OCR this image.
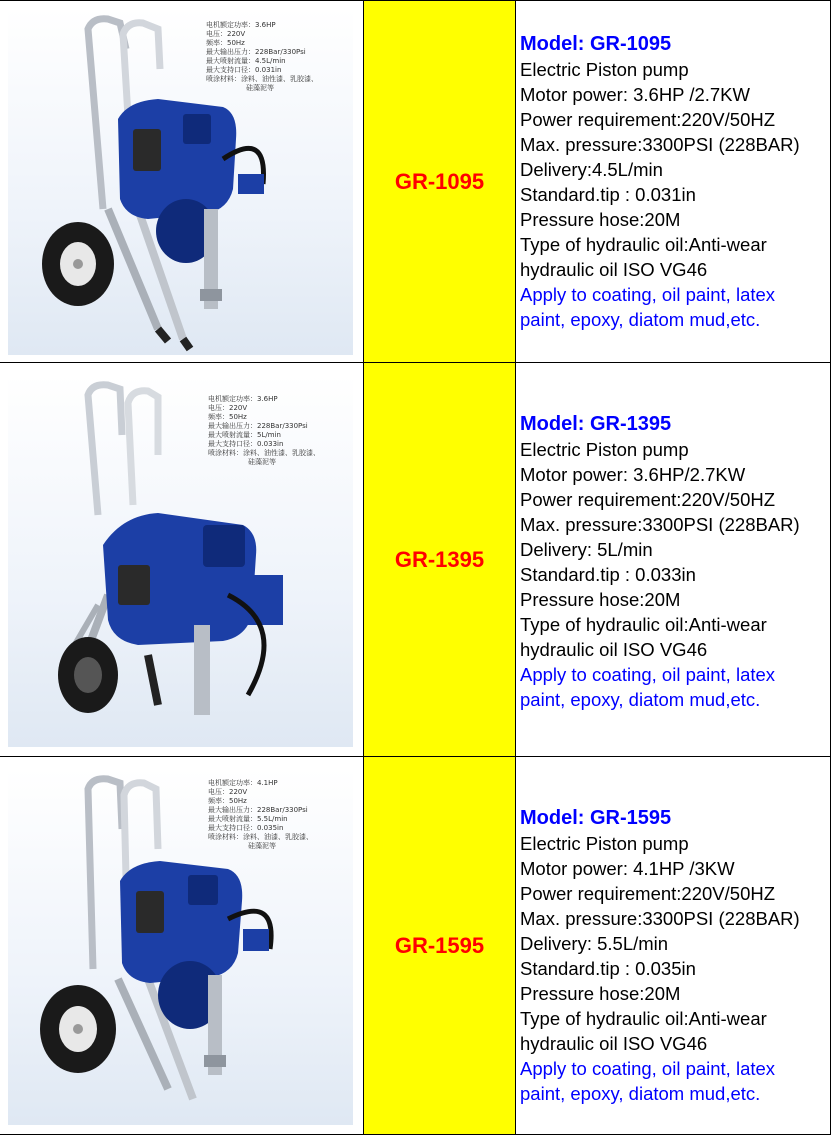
电机额定功率：3.6HP
电压：220V
频率：50Hz
最大输出压力：228Bar/330Psi
最大喷射流量：4.5L/min
最大支持口径：0.031in
喷涂材料：涂料、油性漆、乳胶漆、
硅藻泥等
GR-1095
Model: GR-1095
Electric Piston pump
Motor power: 3.6HP /2.7KW
Power requirement:220V/50HZ
Max. pressure:3300PSI (228BAR)
Delivery:4.5L/min
Standard.tip : 0.031in
Pressure hose:20M
Type of hydraulic oil:Anti-wear
hydraulic oil ISO VG46
Apply to coating, oil paint, latex
paint, epoxy, diatom mud,etc.
电机额定功率：3.6HP
电压：220V
频率：50Hz
最大输出压力：228Bar/330Psi
最大喷射流量：5L/min
最大支持口径：0.033in
喷涂材料：涂料、油性漆、乳胶漆、
硅藻泥等
GR-1395
Model: GR-1395
Electric Piston pump
Motor power: 3.6HP/2.7KW
Power requirement:220V/50HZ
Max. pressure:3300PSI (228BAR)
Delivery: 5L/min
Standard.tip : 0.033in
Pressure hose:20M
Type of hydraulic oil:Anti-wear
hydraulic oil ISO VG46
Apply to coating, oil paint, latex
paint, epoxy, diatom mud,etc.
电机额定功率：4.1HP
电压：220V
频率：50Hz
最大输出压力：228Bar/330Psi
最大喷射流量：5.5L/min
最大支持口径：0.035in
喷涂材料：涂料、油漆、乳胶漆、
硅藻泥等
GR-1595
Model: GR-1595
Electric Piston pump
Motor power: 4.1HP /3KW
Power requirement:220V/50HZ
Max. pressure:3300PSI (228BAR)
Delivery: 5.5L/min
Standard.tip : 0.035in
Pressure hose:20M
Type of hydraulic oil:Anti-wear
hydraulic oil ISO VG46
Apply to coating, oil paint, latex
paint, epoxy, diatom mud,etc.
